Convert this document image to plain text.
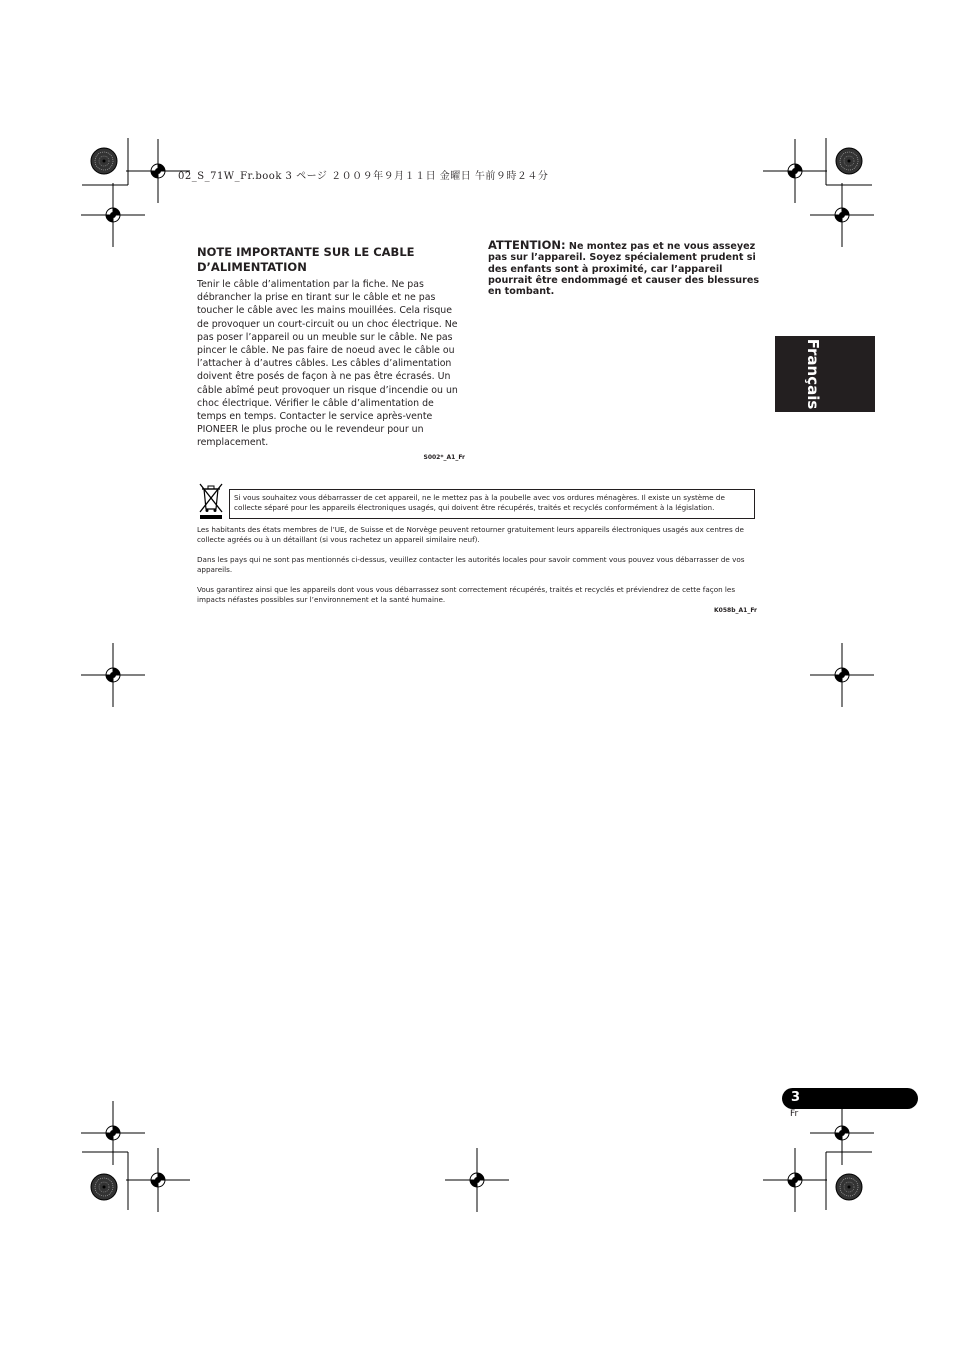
02_S_71W_Fr.book 3 ページ ２００９年９月１１日 金曜日 午前９時２４分
NOTE IMPORTANTE SUR LE CABLE D’ALIMENTATION

Tenir le câble d’alimentation par la fiche. Ne pas débrancher la prise en tirant sur le câble et ne pas toucher le câble avec les mains mouillées. Cela risque de provoquer un court-circuit ou un choc électrique. Ne pas poser l’appareil ou un meuble sur le câble. Ne pas pincer le câble. Ne pas faire de noeud avec le câble ou l’attacher à d’autres câbles. Les câbles d’alimentation doivent être posés de façon à ne pas être écrasés. Un câble abîmé peut provoquer un risque d’incendie ou un choc électrique. Vérifier le câble d’alimentation de temps en temps. Contacter le service après-vente PIONEER le plus proche ou le revendeur pour un remplacement.

S002*_A1_Fr
ATTENTION: Ne montez pas et ne vous asseyez pas sur l’appareil. Soyez spécialement prudent si des enfants sont à proximité, car l’appareil pourrait être endommagé et causer des blessures en tombant.
Français
Si vous souhaitez vous débarrasser de cet appareil, ne le mettez pas à la poubelle avec vos ordures ménagères. Il existe un système de collecte séparé pour les appareils électroniques usagés, qui doivent être récupérés, traités et recyclés conformément à la législation.
Les habitants des états membres de l’UE, de Suisse et de Norvège peuvent retourner gratuitement leurs appareils électroniques usagés aux centres de collecte agréés ou à un détaillant (si vous rachetez un appareil similaire neuf).
Dans les pays qui ne sont pas mentionnés ci-dessus, veuillez contacter les autorités locales pour savoir comment vous pouvez vous débarrasser de vos appareils.
Vous garantirez ainsi que les appareils dont vous vous débarrassez sont correctement récupérés, traités et recyclés et préviendrez de cette façon les impacts néfastes possibles sur l’environnement et la santé humaine.
K058b_A1_Fr
3
Fr
